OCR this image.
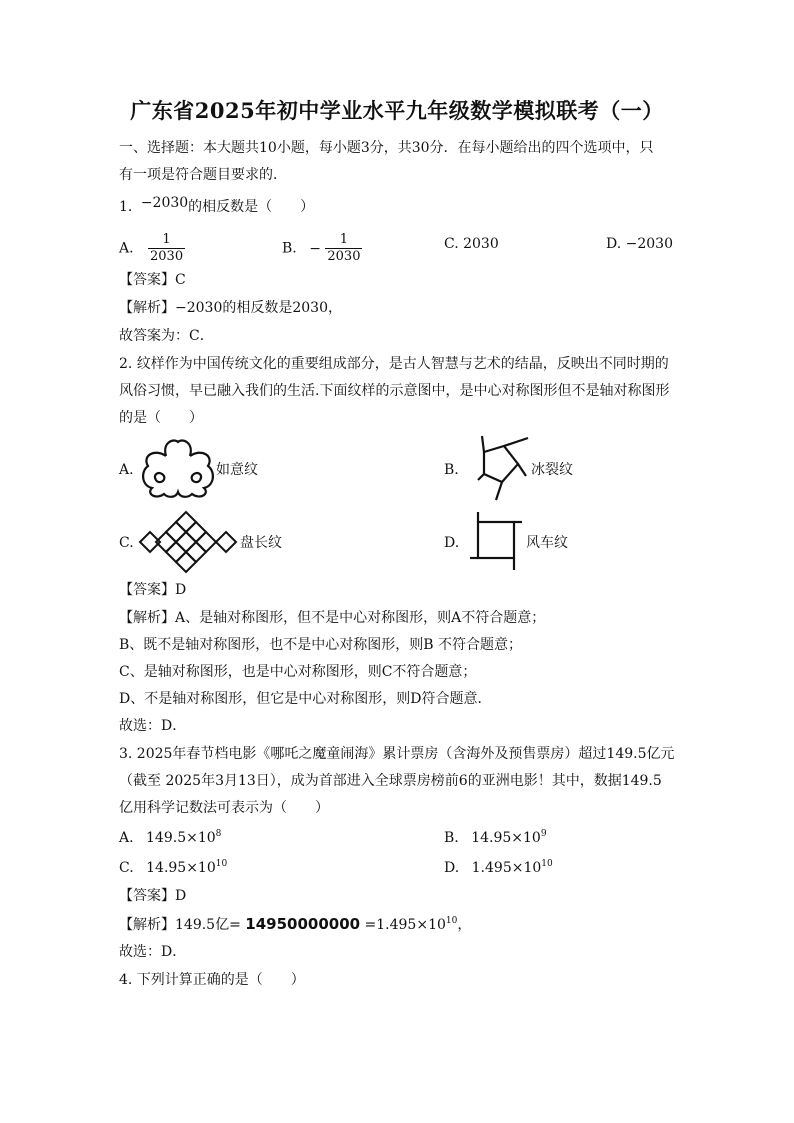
广东省2025年初中学业水平九年级数学模拟联考（一）
一、选择题：本大题共10小题，每小题3分，共30分．在每小题给出的四个选项中，只
有一项是符合题目要求的．
1. −2030的相反数是（　　）
A. $\frac{1}{2030}$	B. − $\frac{1}{2030}$	C. 2030	D. −2030
【答案】C
【解析】−2030的相反数是2030，
故答案为：C．
2. 纹样作为中国传统文化的重要组成部分，是古人智慧与艺术的结晶，反映出不同时期的
风俗习惯，早已融入我们的生活.下面纹样的示意图中，是中心对称图形但不是轴对称图形
的是（　　）
A.	如意纹	B.	冰裂纹
C.	盘长纹	D.	风车纹
【答案】D
【解析】A、是轴对称图形，但不是中心对称图形，则A不符合题意；
B、既不是轴对称图形，也不是中心对称图形，则B 不符合题意；
C、是轴对称图形，也是中心对称图形，则C不符合题意；
D、不是轴对称图形，但它是中心对称图形，则D符合题意．
故选：D．
3. 2025年春节档电影《哪吒之魔童闹海》累计票房（含海外及预售票房）超过149.5亿元
（截至 2025年3月13日），成为首部进入全球票房榜前6的亚洲电影！其中，数据149.5
亿用科学记数法可表示为（　　）
A. $149.5\times 10^8$	B. $14.95\times 10^9$
C. $14.95\times 10^{10}$	D. $1.495\times 10^{10}$
【答案】D
【解析】149.5亿= $14950000000 =1.495\times 10^{10}$，
故选：D．
4. 下列计算正确的是（　　）
